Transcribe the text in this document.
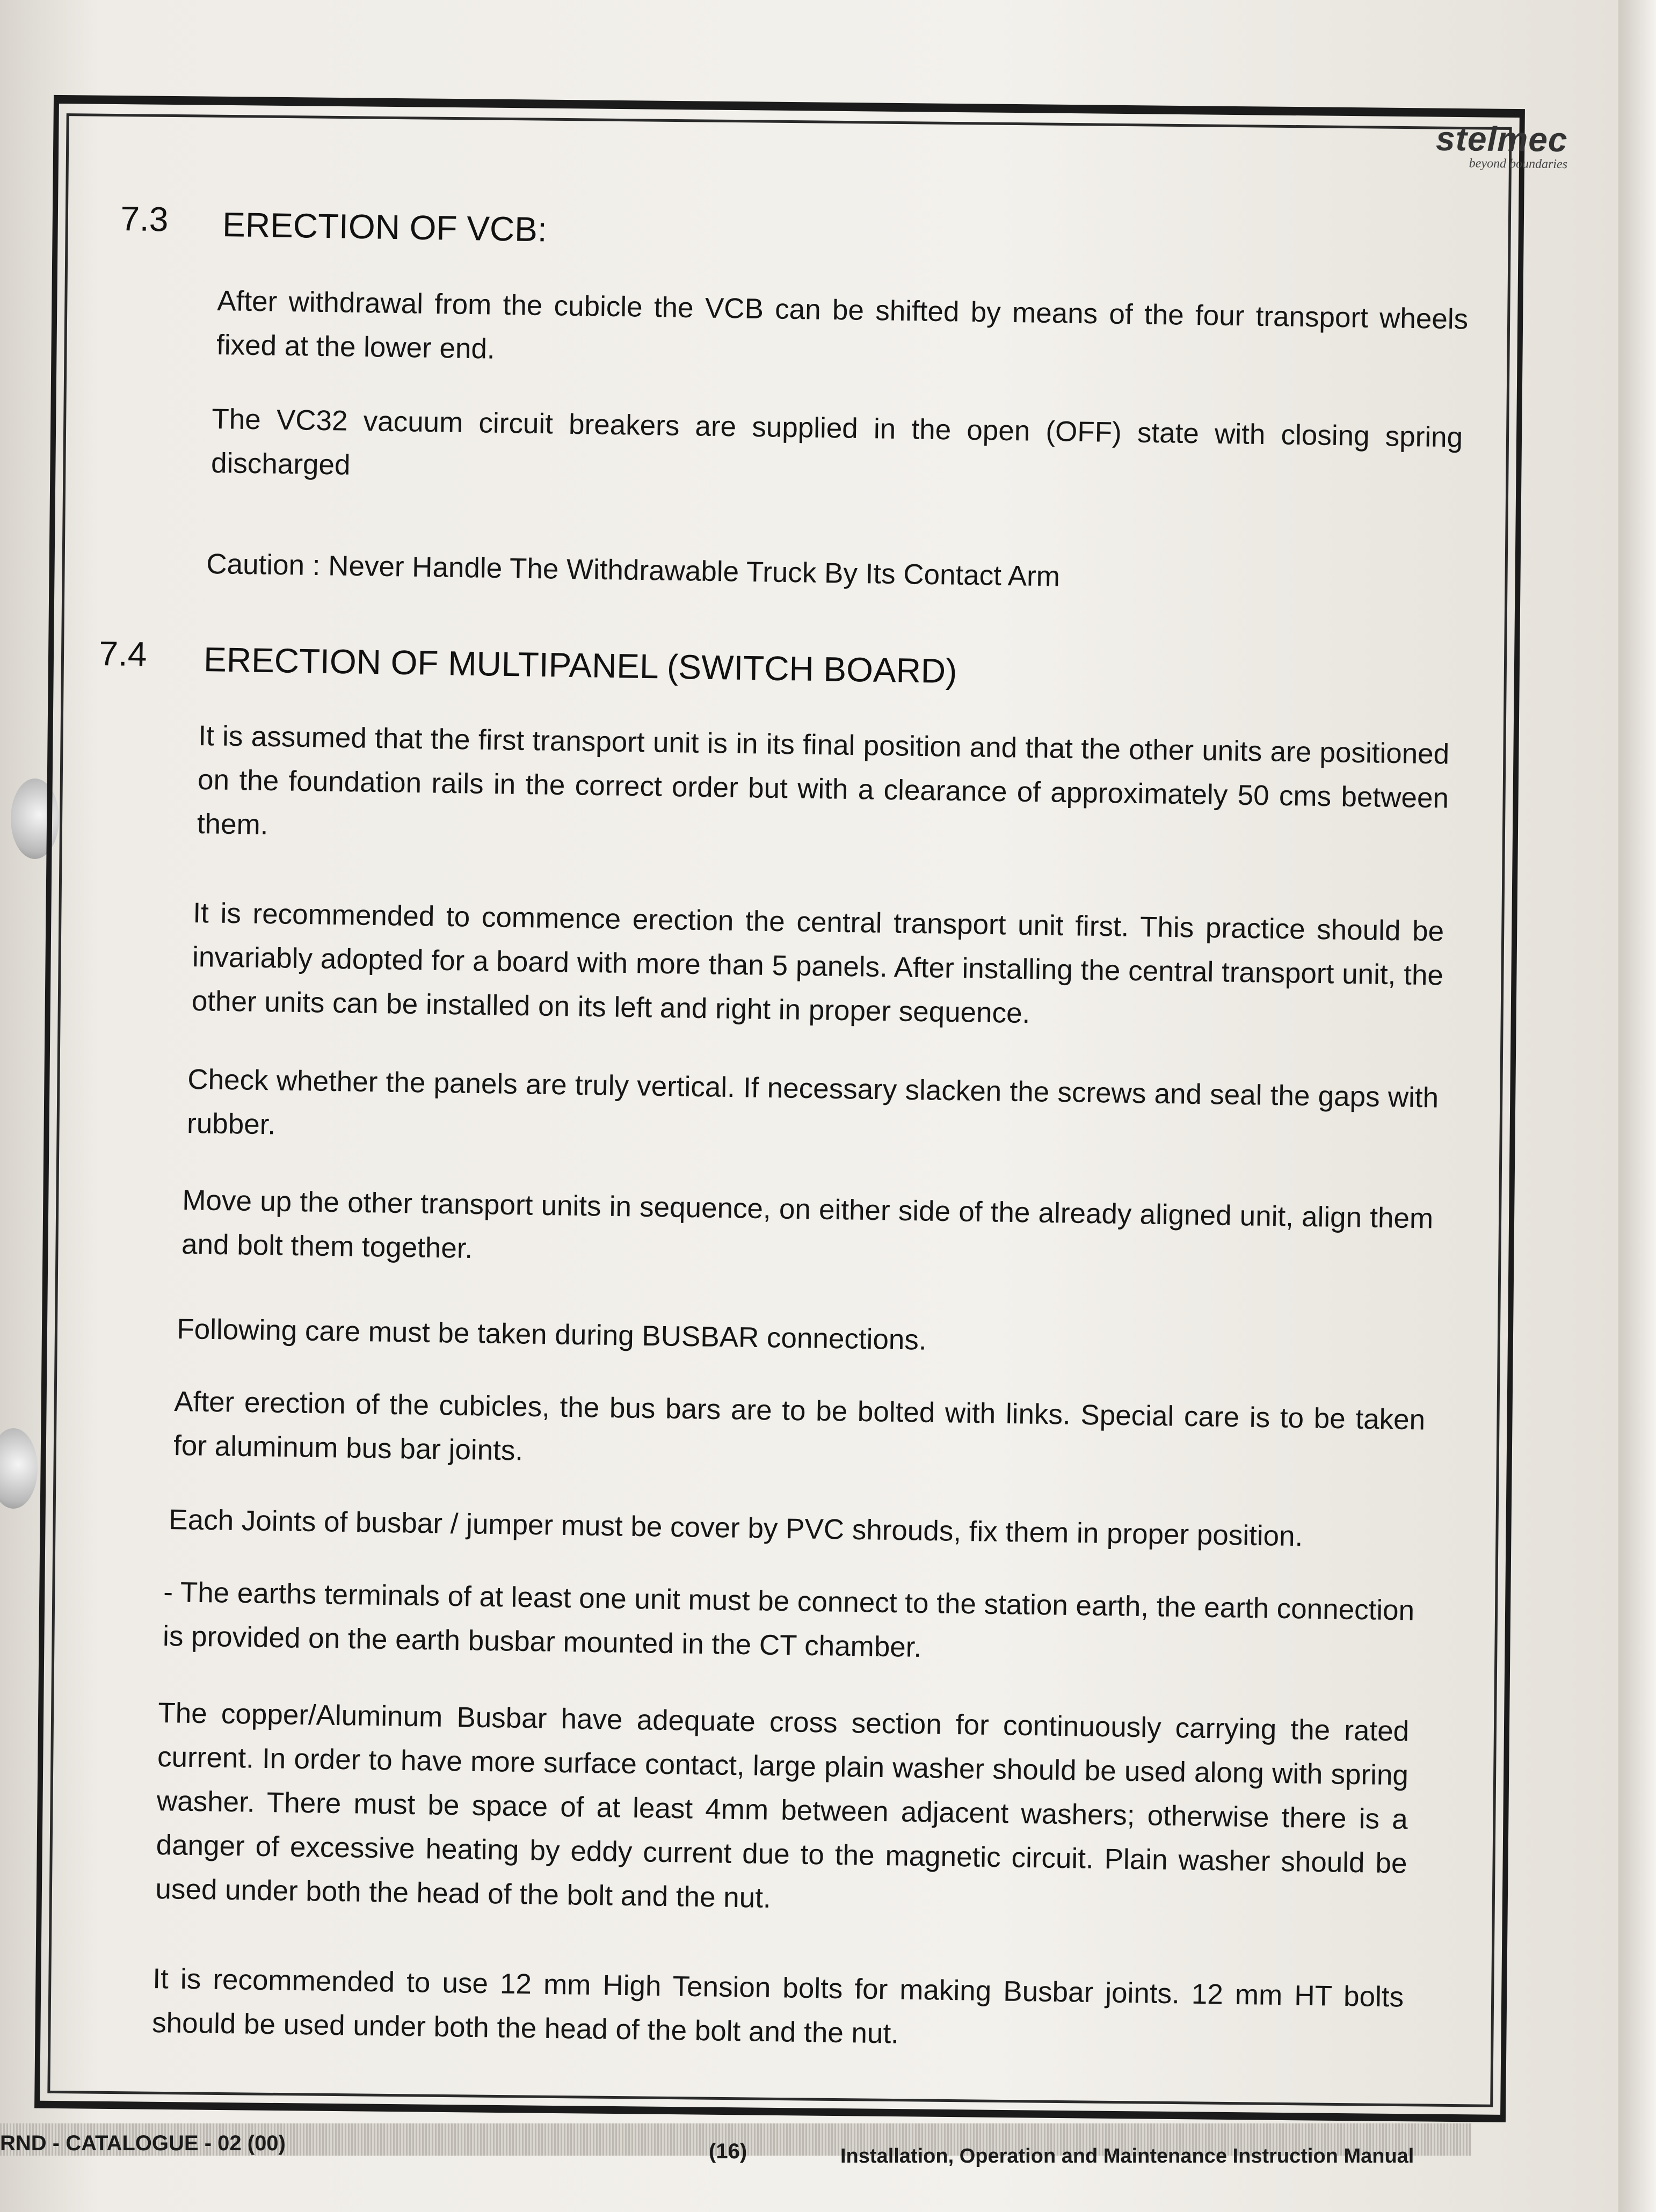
stelmec
beyond boundaries
7.3 ERECTION OF VCB:

After withdrawal from the cubicle the VCB can be shifted by means of the four transport wheels fixed at the lower end.

The VC32 vacuum circuit breakers are supplied in the open (OFF) state with closing spring discharged

Caution : Never Handle The Withdrawable Truck By Its Contact Arm

7.4 ERECTION OF MULTIPANEL (SWITCH BOARD)

It is assumed that the first transport unit is in its final position and that the other units are positioned on the foundation rails in the correct order but with a clearance of approximately 50 cms between them.

It is recommended to commence erection the central transport unit first. This practice should be invariably adopted for a board with more than 5 panels. After installing the central transport unit, the other units can be installed on its left and right in proper sequence.

Check whether the panels are truly vertical. If necessary slacken the screws and seal the gaps with rubber.

Move up the other transport units in sequence, on either side of the already aligned unit, align them and bolt them together.

Following care must be taken during BUSBAR connections.

After erection of the cubicles, the bus bars are to be bolted with links. Special care is to be taken for aluminum bus bar joints.

Each Joints of busbar / jumper must be cover by PVC shrouds, fix them in proper position.

- The earths terminals of at least one unit must be connect to the station earth, the earth connection is provided on the earth busbar mounted in the CT chamber.

The copper/Aluminum Busbar have adequate cross section for continuously carrying the rated current. In order to have more surface contact, large plain washer should be used along with spring washer. There must be space of at least 4mm between adjacent washers; otherwise there is a danger of excessive heating by eddy current due to the magnetic circuit. Plain washer should be used under both the head of the bolt and the nut.

It is recommended to use 12 mm High Tension bolts for making Busbar joints. 12 mm HT bolts should be used under both the head of the bolt and the nut.

RND - CATALOGUE - 02 (00)	(16)	Installation, Operation and Maintenance Instruction Manual
